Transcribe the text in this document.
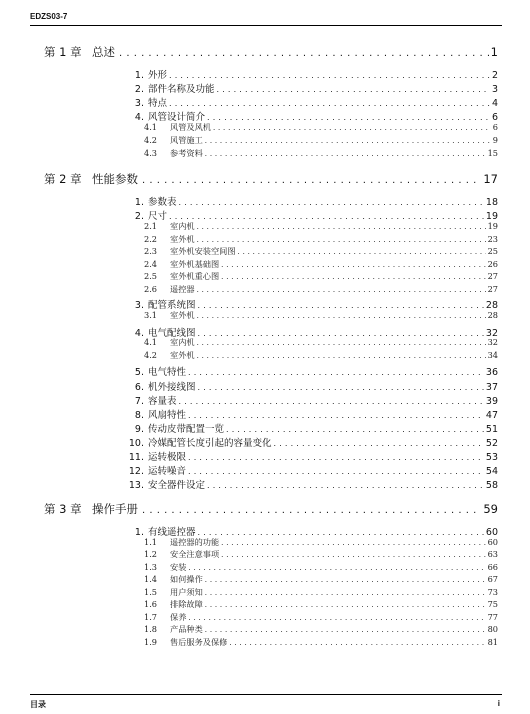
EDZS03-7
第 1 章 总述 . . .	1
1. 外形 . . .	2
2. 部件名称及功能 . . .	3
3. 特点 . . .	4
4. 风管设计简介 . . .	6
4.1	风管及风机 . . .	6
4.2	风管施工 . . .	9
4.3	参考资料 . . .	15
第 2 章 性能参数 . . .	17
1. 参数表 . . .	18
2. 尺寸 . . .	19
2.1	室内机 . . .	19
2.2	室外机 . . .	23
2.3	室外机安装空间图 . . .	25
2.4	室外机基础图 . . .	26
2.5	室外机重心图 . . .	27
2.6	遥控器 . . .	27
3. 配管系统图 . . .	28
3.1	室外机 . . .	28
4. 电气配线图 . . .	32
4.1	室内机 . . .	32
4.2	室外机 . . .	34
5. 电气特性 . . .	36
6. 机外接线图 . . .	37
7. 容量表 . . .	39
8. 风扇特性 . . .	47
9. 传动皮带配置一览 . . .	51
10. 冷媒配管长度引起的容量变化 . . .	52
11. 运转极限 . . .	53
12. 运转噪音 . . .	54
13. 安全器件设定 . . .	58
第 3 章 操作手册 . . .	59
1. 有线遥控器 . . .	60
1.1	遥控器的功能 . . .	60
1.2	安全注意事项 . . .	63
1.3	安装 . . .	66
1.4	如何操作 . . .	67
1.5	用户须知 . . .	73
1.6	排除故障 . . .	75
1.7	保养 . . .	77
1.8	产品种类 . . .	80
1.9	售后服务及保修 . . .	81
目录	i
